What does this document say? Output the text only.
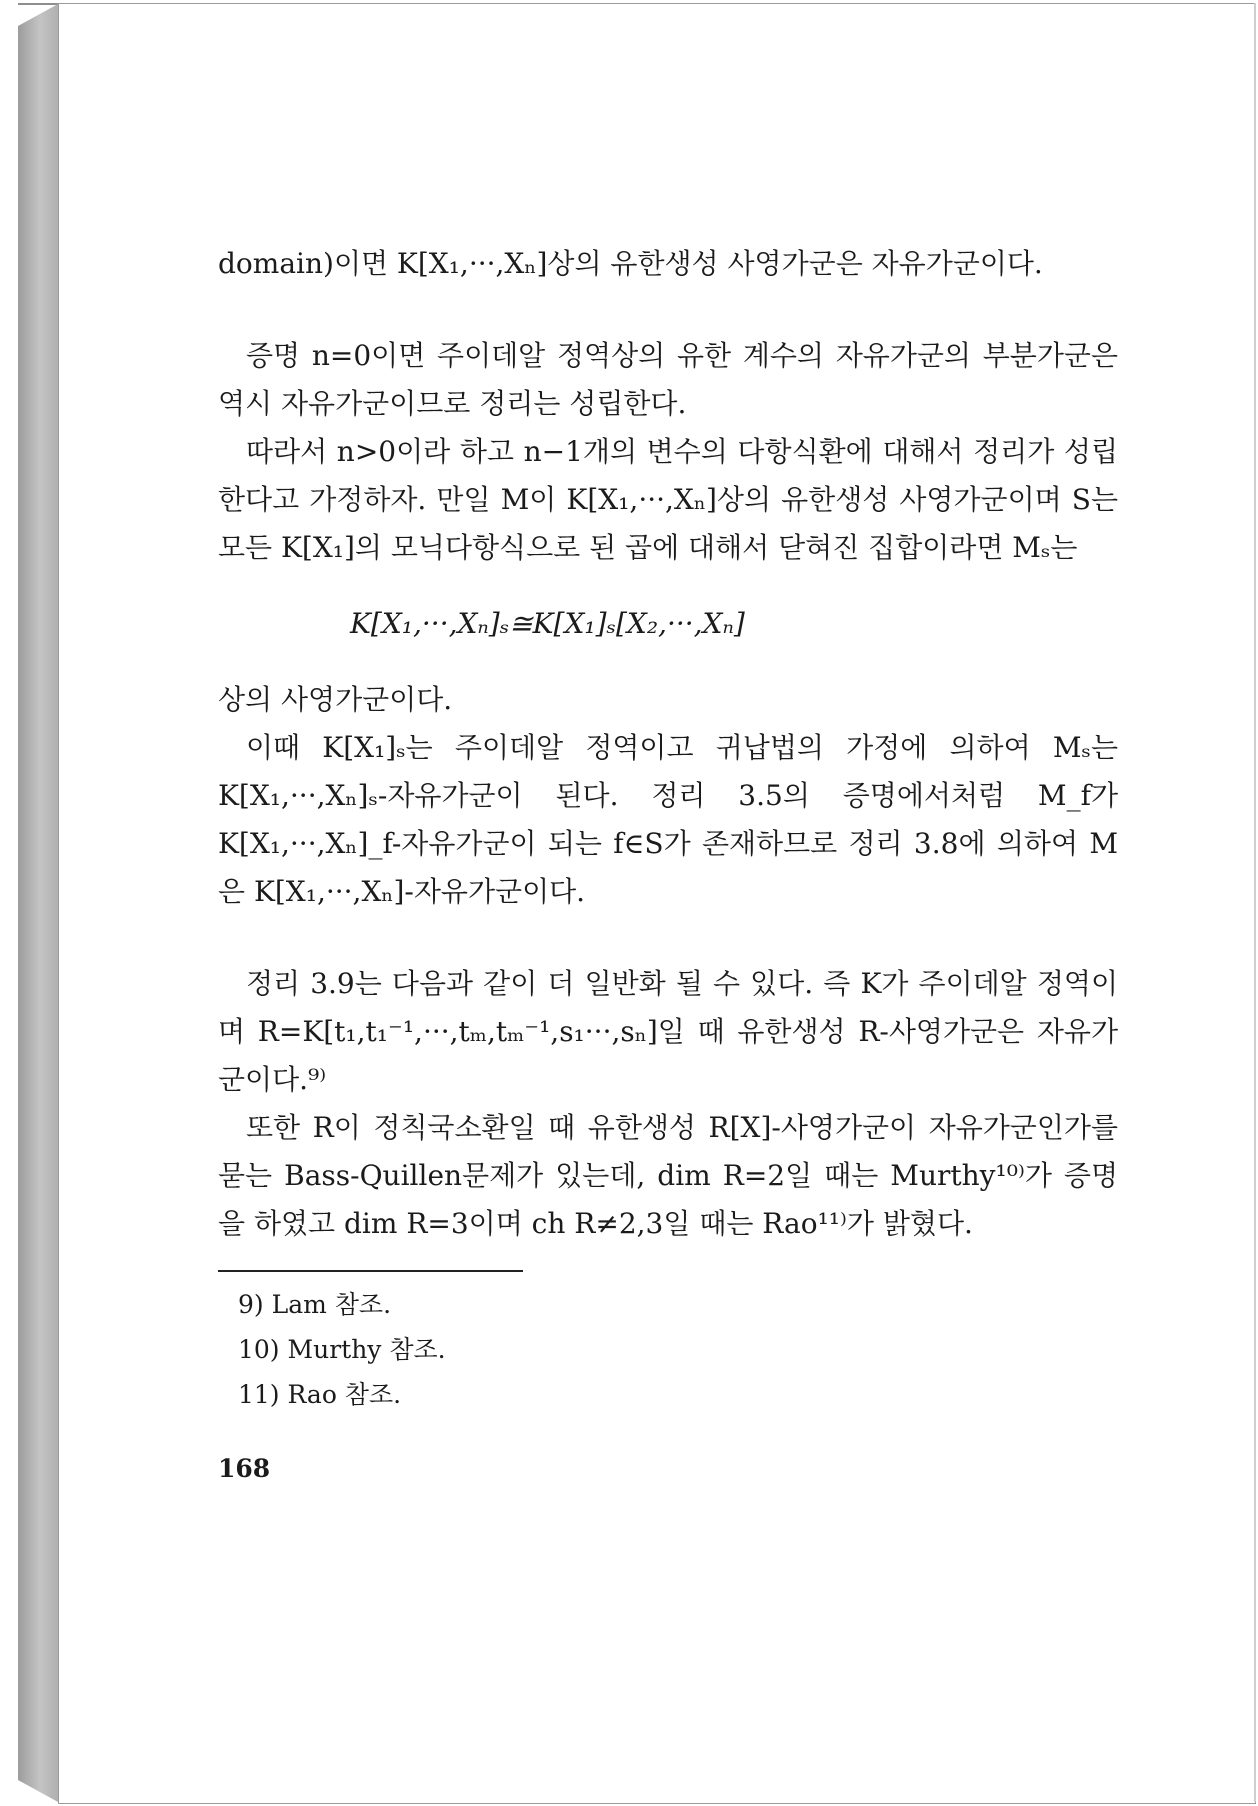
domain)이면 K[X₁,···,Xₙ]상의 유한생성 사영가군은 자유가군이다.

증명 n=0이면 주이데알 정역상의 유한 계수의 자유가군의 부분가군은 역시 자유가군이므로 정리는 성립한다.

따라서 n>0이라 하고 n−1개의 변수의 다항식환에 대해서 정리가 성립한다고 가정하자. 만일 M이 K[X₁,···,Xₙ]상의 유한생성 사영가군이며 S는 모든 K[X₁]의 모닉다항식으로 된 곱에 대해서 닫혀진 집합이라면 Mₛ는

K[X₁,···,Xₙ]ₛ≅K[X₁]ₛ[X₂,···,Xₙ]

상의 사영가군이다.

이때 K[X₁]ₛ는 주이데알 정역이고 귀납법의 가정에 의하여 Mₛ는 K[X₁,···,Xₙ]ₛ-자유가군이 된다. 정리 3.5의 증명에서처럼 M_f가 K[X₁,···,Xₙ]_f-자유가군이 되는 f∈S가 존재하므로 정리 3.8에 의하여 M은 K[X₁,···,Xₙ]-자유가군이다.

정리 3.9는 다음과 같이 더 일반화 될 수 있다. 즉 K가 주이데알 정역이며 R=K[t₁,t₁⁻¹,···,tₘ,tₘ⁻¹,s₁···,sₙ]일 때 유한생성 R-사영가군은 자유가군이다.⁹⁾

또한 R이 정칙국소환일 때 유한생성 R[X]-사영가군이 자유가군인가를 묻는 Bass-Quillen문제가 있는데, dim R=2일 때는 Murthy¹⁰⁾가 증명을 하였고 dim R=3이며 ch R≠2,3일 때는 Rao¹¹⁾가 밝혔다.

9) Lam 참조.
10) Murthy 참조.
11) Rao 참조.
168
